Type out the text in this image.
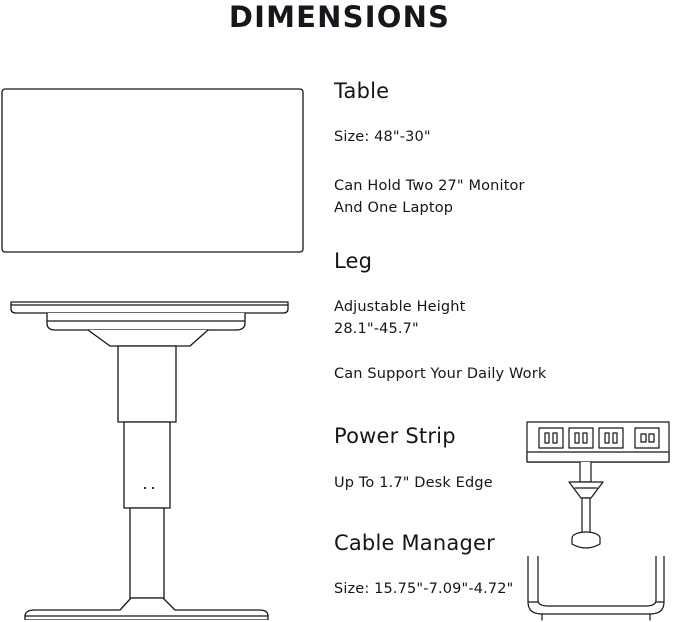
DIMENSIONS
Table

Size: 48"-30"

Can Hold Two 27" Monitor

And One Laptop

Leg

Adjustable Height

28.1"-45.7"

Can Support Your Daily Work

Power Strip

Up To 1.7" Desk Edge

Cable Manager

Size: 15.75"-7.09"-4.72"
